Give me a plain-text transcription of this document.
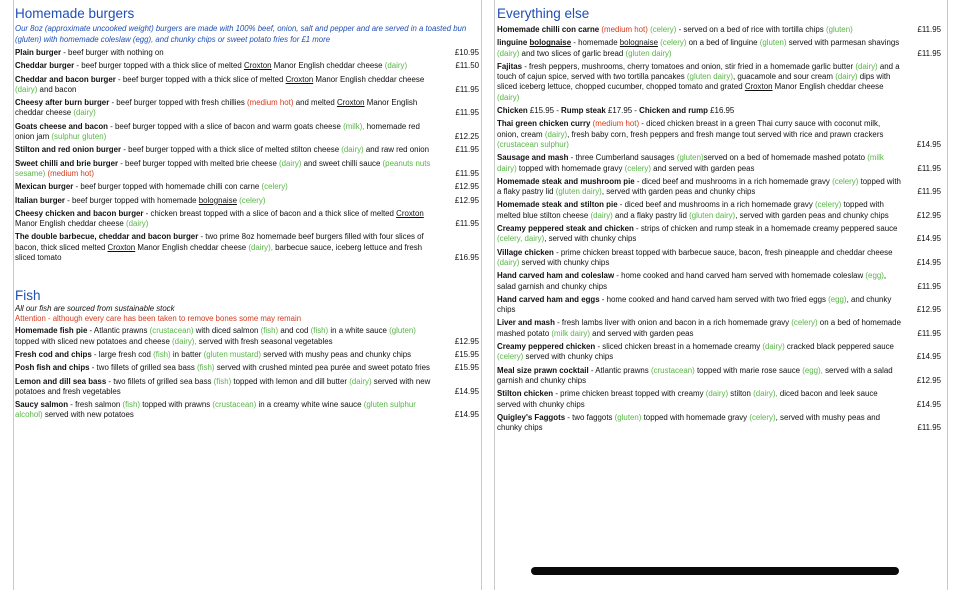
Homemade burgers
Our 8oz (approximate uncooked weight) burgers are made with 100% beef, onion, salt and pepper and are served in a toasted bun (gluten) with homemade coleslaw (egg), and chunky chips or sweet potato fries for £1 more
Plain burger - beef burger with nothing on	£10.95
Cheddar burger - beef burger topped with a thick slice of melted Croxton Manor English cheddar cheese (dairy)	£11.50
Cheddar and bacon burger - beef burger topped with a thick slice of melted Croxton Manor English cheddar cheese (dairy) and bacon	£11.95
Cheesy after burn burger - beef burger topped with fresh chillies (medium hot) and melted Croxton Manor English cheddar cheese (dairy)	£11.95
Goats cheese and bacon - beef burger topped with a slice of bacon and warm goats cheese (milk), homemade red onion jam (sulphur gluten)	£12.25
Stilton and red onion burger - beef burger topped with a thick slice of melted stilton cheese (dairy) and raw red onion	£11.95
Sweet chilli and brie burger - beef burger topped with melted brie cheese (dairy) and sweet chilli sauce (peanuts nuts sesame) (medium hot)	£11.95
Mexican burger - beef burger topped with homemade chilli con carne (celery)	£12.95
Italian burger - beef burger topped with homemade bolognaise (celery)	£12.95
Cheesy chicken and bacon burger - chicken breast topped with a slice of bacon and a thick slice of melted Croxton Manor English cheddar cheese (dairy)	£11.95
The double barbecue, cheddar and bacon burger - two prime 8oz homemade beef burgers filled with four slices of bacon, thick sliced melted Croxton Manor English cheddar cheese (dairy), barbecue sauce, iceberg lettuce and fresh sliced tomato	£16.95
Fish
All our fish are sourced from sustainable stock
Attention - although every care has been taken to remove bones some may remain
Homemade fish pie - Atlantic prawns (crustacean) with diced salmon (fish) and cod (fish) in a white sauce (gluten) topped with sliced new potatoes and cheese (dairy), served with fresh seasonal vegetables	£12.95
Fresh cod and chips - large fresh cod (fish) in batter (gluten mustard) served with mushy peas and chunky chips	£15.95
Posh fish and chips - two fillets of grilled sea bass (fish) served with crushed minted pea purée and sweet potato fries	£15.95
Lemon and dill sea bass - two fillets of grilled sea bass (fish) topped with lemon and dill butter (dairy) served with new potatoes and fresh vegetables	£14.95
Saucy salmon - fresh salmon (fish) topped with prawns (crustacean) in a creamy white wine sauce (gluten sulphur alcohol) served with new potatoes	£14.95
Everything else
Homemade chilli con carne (medium hot) (celery) - served on a bed of rice with tortilla chips (gluten)	£11.95
linguine bolognaise - homemade bolognaise (celery) on a bed of linguine (gluten) served with parmesan shavings (dairy) and two slices of garlic bread (gluten dairy)	£11.95
Fajitas - fresh peppers, mushrooms, cherry tomatoes and onion, stir fried in a homemade garlic butter (dairy) and a touch of cajun spice, served with two tortilla pancakes (gluten dairy), guacamole and sour cream (dairy) dips with sliced iceberg lettuce, chopped cucumber, chopped tomato and grated Croxton Manor English cheddar cheese (dairy)
Chicken £15.95 - Rump steak £17.95 - Chicken and rump £16.95
Thai green chicken curry (medium hot) - diced chicken breast in a green Thai curry sauce with coconut milk, onion, cream (dairy), fresh baby corn, fresh peppers and fresh mange tout served with rice and prawn crackers (crustacean sulphur)	£14.95
Sausage and mash - three Cumberland sausages (gluten)served on a bed of homemade mashed potato (milk dairy) topped with homemade gravy (celery) and served with garden peas	£11.95
Homemade steak and mushroom pie - diced beef and mushrooms in a rich homemade gravy (celery) topped with a flaky pastry lid (gluten dairy), served with garden peas and chunky chips	£11.95
Homemade steak and stilton pie - diced beef and mushrooms in a rich homemade gravy (celery) topped with melted blue stilton cheese (dairy) and a flaky pastry lid (gluten dairy), served with garden peas and chunky chips	£12.95
Creamy peppered steak and chicken - strips of chicken and rump steak in a homemade creamy peppered sauce (celery, dairy), served with chunky chips	£14.95
Village chicken - prime chicken breast topped with barbecue sauce, bacon, fresh pineapple and cheddar cheese (dairy) served with chunky chips	£14.95
Hand carved ham and coleslaw - home cooked and hand carved ham served with homemade coleslaw (egg), salad garnish and chunky chips	£11.95
Hand carved ham and eggs - home cooked and hand carved ham served with two fried eggs (egg), and chunky chips	£12.95
Liver and mash - fresh lambs liver with onion and bacon in a rich homemade gravy (celery) on a bed of homemade mashed potato (milk dairy) and served with garden peas	£11.95
Creamy peppered chicken - sliced chicken breast in a homemade creamy (dairy) cracked black peppered sauce (celery) served with chunky chips	£14.95
Meal size prawn cocktail - Atlantic prawns (crustacean) topped with marie rose sauce (egg), served with a salad garnish and chunky chips	£12.95
Stilton chicken - prime chicken breast topped with creamy (dairy) stilton (dairy), diced bacon and leek sauce served with chunky chips	£14.95
Quigley's Faggots - two faggots (gluten) topped with homemade gravy (celery), served with mushy peas and chunky chips	£11.95
